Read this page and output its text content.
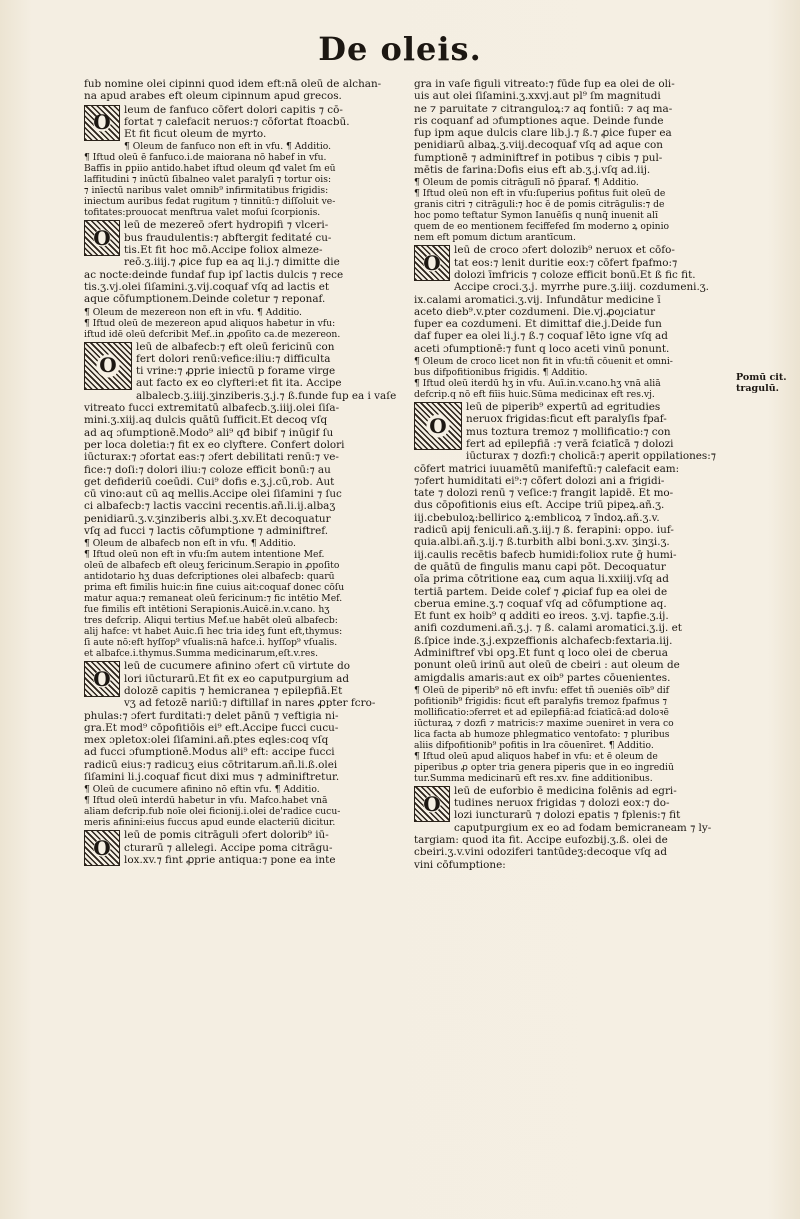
De oleis.
fub nomine olei cipinni quod idem eft:nā oleū de alchan-
na apud arabes eft oleum cipinnum apud grecos.
O
leum de fanfuco cōfert dolori capitis ⁊ cō-
fortat ⁊ calefacit neruos:⁊ cōfortat ftoacbū.
Et fit ficut oleum de myrto.
¶ Oleum de fanfuco non eft in vfu. ¶ Additio.
¶ Iftud oleū ē fanfuco.i.de maiorana nō habef in vfu.
Baffis in ꝑpiio antido.habet iftud oleum qđ valet ſm eū
laffitudini ⁊ inūctū ſibalneo valet paralyſi ⁊ tortur ois:
⁊ inīectū naribus valet omnib⁹ infirmitatibus frigidis:
iniectum auribus fedat rugitum ⁊ tinnitū:⁊ diſſoluit ve-
tofitates:prouocat menftrua valet moſui ſcorpionis.
O
leū de mezereō ɔfert hydropifi ⁊ vlceri-
bus fraudulentis:⁊ abftergit feditaté cu-
tis.Et fit hoc mō.Accipe foliox almeze-
reō.ʒ.iiij.⁊ ꝓice fup ea aq li.j.⁊ dimitte die
ac nocte:deinde fundaf fup ipſ lactis dulcis ⁊ rece
tis.ʒ.vj.olei ſiſamini.ʒ.vij.coquaf vſq ad lactis et
aque cōfumptionem.Deinde coletur ⁊ reponaf.
¶ Oleum de mezereon non eft in vfu. ¶ Additio.
¶ Iftud oleū de mezereon apud aliquos habetur in vfu:
iftud idē oleū defcribit Mef..in ꝓpoſito ca.de mezereon.
O
leū de albafecb:⁊ eft oleū fericinū con
fert dolori renū:vefice:iliu:⁊ difficulta
ti vrine:⁊ ꝓprie iniectū p forame virge
aut facto ex eo clyfteri:et fit ita. Accipe
albalecb.ʒ.iiij.ʒinziberis.ʒ.j.⁊ ß.funde fup ea i vaſe
vitreato fucci extremitatū albafecb.ʒ.iiij.olei ſiſa-
mini.ʒ.xiij.aq dulcis quātū ſufficit.Et decoq vſq
ad aq ɔfumptionē.Modo⁹ ali⁹ qđ bibif ⁊ inūgif ſu
per loca doletia:⁊ fit ex eo clyftere. Confert dolori
iūcturax:⁊ ɔfortat eas:⁊ ɔfert debilitati renū:⁊ ve-
fice:⁊ doſi:⁊ dolori iliu:⁊ coloze efficit bonū:⁊ au
get defideriū coeūdi. Cui⁹ dofis e.ʒ.j.cū,rob. Aut
cū vino:aut cū aq mellis.Accipe olei ſiſamini ⁊ ſuc
ci albafecb:⁊ lactis vaccini recentis.añ.li.ij.albaʒ
penidiarū.ʒ.v.ʒinziberis albi.ʒ.xv.Et decoquatur
vſq ad fucci ⁊ lactis cōfumptione ⁊ adminiftref.
¶ Oleum de albafecb non eſt in vfu. ¶ Additio.
¶ Iftud oleū non eft in vfu:ſm autem intentione Mef.
oleū de albafecb eft oleuʒ fericinum.Serapio in ꝓpoſito
antidotario hʒ duas defcriptiones olei albafecb: quarū
prima eft fimilis huic:in fine cuius ait:coquaf donec cōſu
matur aqua:⁊ remaneat oleū fericinum:⁊ fic intētio Mef.
fue fimilis eft intētioni Serapionis.Auicē.in.v.cano. hʒ
tres defcrip. Aliqui tertius Mef.ue habēt oleū albafecb:
alij hafce: vt habet Auic.ſi hec tria ideʒ funt eft,thymus:
ſi aute nō:eft hyſſop⁹ vſualis:nā hafce.i. hyſſop⁹ vſualis.
et albafce.i.thymus.Summa medicinarum,eſt.v.res.
O
leū de cucumere afinino ɔfert cū virtute do
lori iūcturarū.Et fit ex eo caputpurgium ad
dolozē capitis ⁊ hemicranea ⁊ epilepfiā.Et
vʒ ad fetozē nariū:⁊ diftillaf in nares ꝓpter fcro-
phulas:⁊ ɔfert furditati:⁊ delet̄ pānū ⁊ veftigia ni-
gra.Et mod⁹ cōpofitiōis ei⁹ eft.Accipe fucci cucu-
mex ɔpletox:olei ſiſamini.añ.ptes eqles:coq vſq
ad fucci ɔfumptionē.Modus ali⁹ eft: accipe fucci
radicū eius:⁊ radicuʒ eius cōtritarum.añ.li.ß.olei
ſiſamini li.j.coquaf ficut dixi mus ⁊ adminiftretur.
¶ Oleū de cucumere afinino nō eftin vfu. ¶ Additio.
¶ Iftud oleū interdū habetur in vfu. Mafco.habet vnā
aliam defcrip.fub noīe olei ficionij.i.olei de'radice cucu-
meris afinini:eius fuccus apud eunde elacteriū dicitur.
O
leū de pomis citrāguli ɔfert dolorib⁹ iū-
cturarū ⁊ allelegi. Accipe poma citrāgu-
lox.xv.⁊ fint ꝓprie antiqua:⁊ pone ea inte
gra in vaſe figuli vitreato:⁊ fūde fup ea olei de oli-
uis aut olei ſiſamini.ʒ.xxvj.aut pl⁹ ſm magnitudi
ne ⁊ paruitate ⁊ citranguloꝝ:⁊ aq fontiū: ⁊ aq ma-
ris coquanf ad ɔfumptiones aque. Deinde funde
fup ipm aque dulcis clare lib.j.⁊ ß.⁊ ꝓice fuper ea
penidiarū albaꝝ.ʒ.viij.decoquaf vſq ad aque con
fumptionē ⁊ adminiftref in potibus ⁊ cibis ⁊ pul-
mētis de farina:Dofis eius eft ab.ʒ.j.vſq ad.iij.
¶ Oleum de pomis citrāgulī nō p̄paraf. ¶ Additio.
¶ Iftud oleū non eft in vfu:ſuperius pofitus fuit oleū de
granis citri ⁊ citrāguli:⁊ hoc ē de pomis citrāgulis:⁊ de
hoc pomo teftatur Symon Ianuēſis q nunq̄ inuenit alī
quem de eo mentionem feciffefed ſm moderno ꝝ opinio
nem eft pomum dictum arantīcum.
O
leū de croco ɔfert dolozib⁹ neruox et cōfo-
tat eos:⁊ lenit duritie eox:⁊ cōfert fpafmo:⁊
dolozi īmfricis ⁊ coloze efficit bonū.Et ß fic fit.
Accipe croci.ʒ.j. myrrhe pure.ʒ.iiij. cozdumeni.ʒ.
ix.calami aromatici.ʒ.vij. Infundātur medicine ī
aceto dieb⁹.v.pter cozdumeni. Die.vj.ꝓoȷciatur
fuper ea cozdumeni. Et dimittaf die.j.Deide fun
daf fuper ea olei li.j.⁊ ß.⁊ coquaf lēto igne vſq ad
aceti ɔfumptionē:⁊ funt q loco aceti vinū ponunt.
¶ Oleum de croco licet non fit in vfu:tñ cōuenit et omni-
bus difpofitionibus frigidis. ¶ Additio.
¶ Iftud oleū iterdū hʒ in vfu. Auī.in.v.cano.hʒ vnā aliā
defcrip.q nō eft fiīis huic.Sūma medicinax eft res.vj.
O
leū de piperib⁹ expertū ad egritudies
neruox frigidas:ficut eft paralyſis fpaf-
mus toztura tremoz ⁊ mollificatio:⁊ con
fert ad epilepfiā :⁊ verā fciatīcā ⁊ dolozi
iūcturax ⁊ dozfi:⁊ cholicā:⁊ aperit oppilationes:⁊
cōfert matrici iuuamētū manifeftū:⁊ calefacit eam:
⁊ɔfert humiditati ei⁹:⁊ cōfert dolozi ani a frigidi-
tate ⁊ dolozi renū ⁊ veſice:⁊ frangit lapidē. Et mo-
dus cōpofitionis eius eſt. Accipe triū pipeꝝ.añ.ʒ.
iij.cbebuloꝝ:bellirico ꝝ:emblicoꝝ ⁊ īndoꝝ.añ.ʒ.v.
radicū apij feniculi.añ.ʒ.iij.⁊ ß. ferapini: oppo. iuf-
quia.albi.añ.ʒ.ij.⁊ ß.turbith albi boni.ʒ.xv. ʒinʒi.ʒ.
iij.caulis recētis bafecb humidi:foliox rute ḡ humi-
de quātū de fingulis manu capi pōt. Decoquatur
oīa prima cōtritione eaꝝ cum aqua li.xxiiij.vſq ad
tertiā partem. Deide colef ⁊ ꝓiciaf fup ea olei de
cberua emine.ʒ.⁊ coquaf vſq ad cōfumptione aq.
Et funt ex hoib⁹ q additi eo ireos. ʒ.vj. tapfie.ʒ.ij.
anifi cozdumeni.añ.ʒ.j. ⁊ ß. calami aromatici.ʒ.ij. et
ß.ſpice inde.ʒ.j.expzeffionis alchafecb:fextaria.iij.
Adminiftref vbi opꝫ.Et funt q loco olei de cberua
ponunt oleū irinū aut oleū de cbeiri : aut oleum de
amigdalis amaris:aut ex oib⁹ partes cōuenientes.
¶ Oleū de piperib⁹ nō eft invfu: effet tñ ɔueniēs oīb⁹ dif
pofitionib⁹ frigidis: ficut eft paralyfis tremoz fpafmus ⁊
mollificatio:ɔferret et ad epilepfiā:ad fciatīcā:ad doloꝛē
iūcturaꝝ ⁊ dozfi ⁊ matricis:⁊ maxime ɔueniret in vera co
lica facta ab humoze phlegmatico ventofato: ⁊ pluribus
aliis difpofitionib⁹ pofitis in lra cōuenīret. ¶ Additio.
¶ Iftud oleū apud aliquos habef in vfu: et ē oleum de
piperibus ꝓ opter tria genera piperis que in eo ingrediū
tur.Summa medicinarū eft res.xv. fine additionibus.
O
leū de euforbio ē medicina folēnis ad egri-
tudines neruox frigidas ⁊ dolozi eox:⁊ do-
lozi iuncturarū ⁊ dolozi epatis ⁊ fplenis:⁊ fit
caputpurgium ex eo ad fodam bemicraneam ⁊ ly-
targiam: quod ita fit. Accipe eufozbij.ʒ.ß. olei de
cbeiri.ʒ.v.vini odoziferi tantūdeʒ:decoque vſq ad
vini cōfumptione:
Pomū cit. tragulū.
